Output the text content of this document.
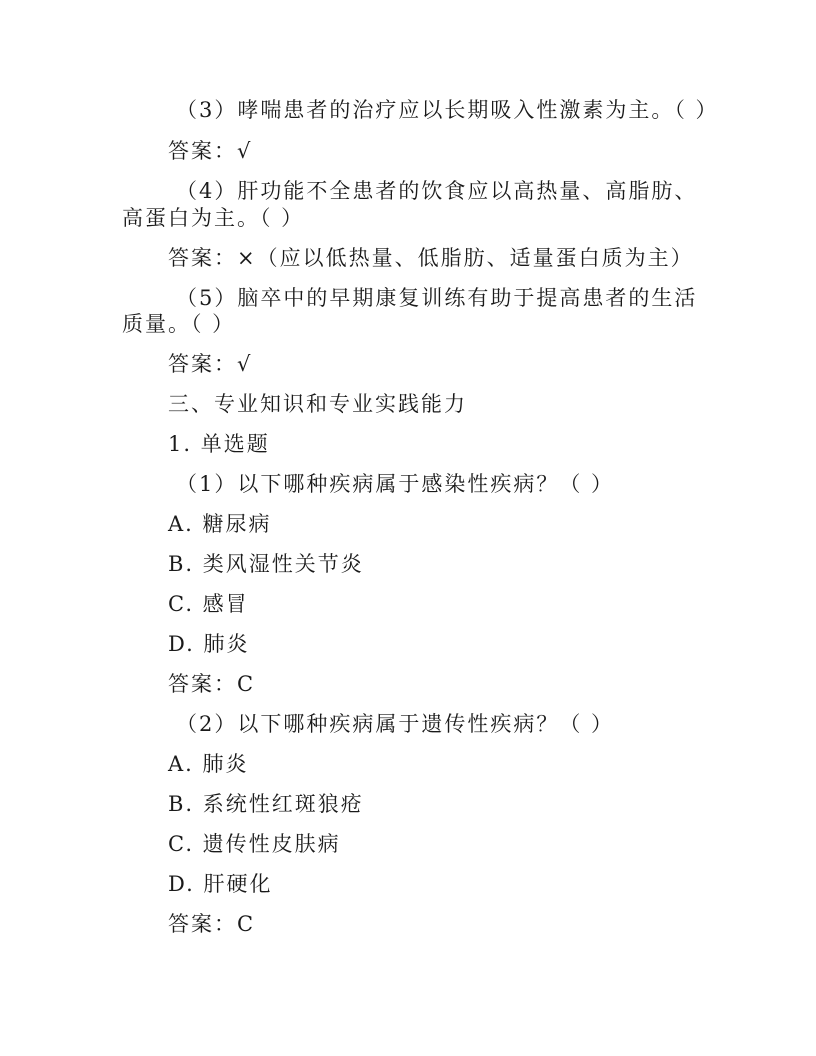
（3）哮喘患者的治疗应以长期吸入性激素为主。（ ）
答案：√
（4）肝功能不全患者的饮食应以高热量、高脂肪、
高蛋白为主。（ ）
答案：×（应以低热量、低脂肪、适量蛋白质为主）
（5）脑卒中的早期康复训练有助于提高患者的生活
质量。（ ）
答案：√
三、专业知识和专业实践能力
1. 单选题
（1）以下哪种疾病属于感染性疾病？（ ）
A. 糖尿病
B. 类风湿性关节炎
C. 感冒
D. 肺炎
答案：C
（2）以下哪种疾病属于遗传性疾病？（ ）
A. 肺炎
B. 系统性红斑狼疮
C. 遗传性皮肤病
D. 肝硬化
答案：C
